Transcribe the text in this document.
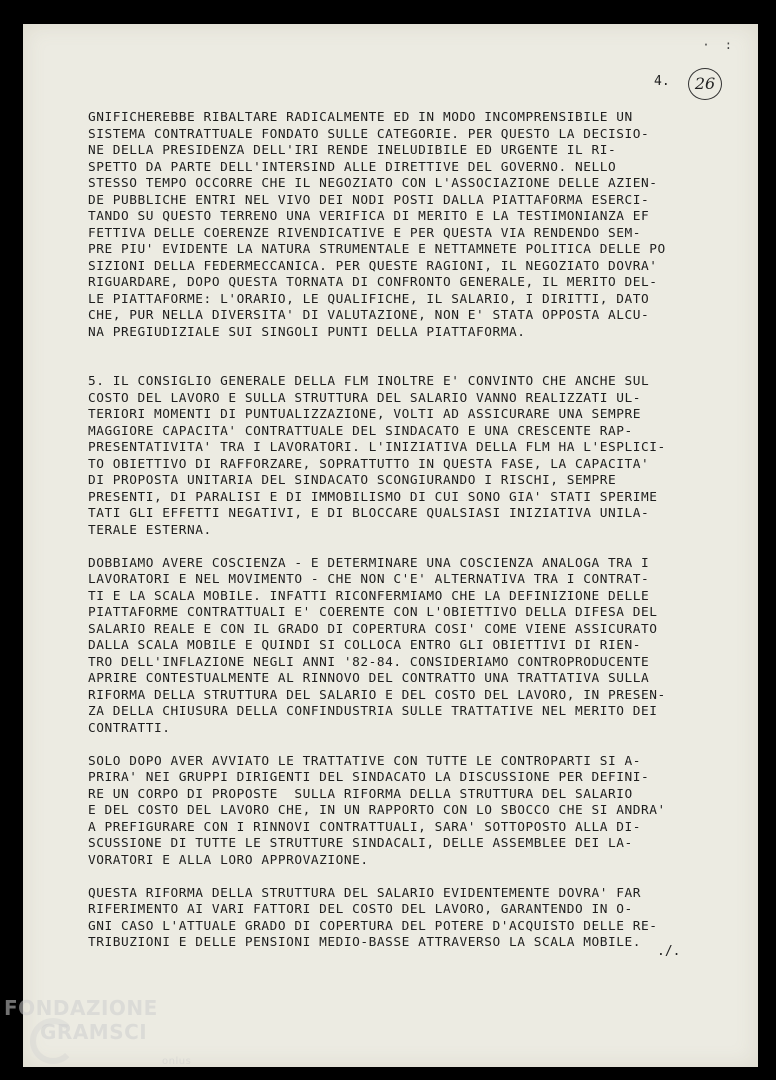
· :
4.	26

GNIFICHEREBBE RIBALTARE RADICALMENTE ED IN MODO INCOMPRENSIBILE UN

SISTEMA CONTRATTUALE FONDATO SULLE CATEGORIE. PER QUESTO LA DECISIO-

NE DELLA PRESIDENZA DELL'IRI RENDE INELUDIBILE ED URGENTE IL RI-

SPETTO DA PARTE DELL'INTERSIND ALLE DIRETTIVE DEL GOVERNO. NELLO

STESSO TEMPO OCCORRE CHE IL NEGOZIATO CON L'ASSOCIAZIONE DELLE AZIEN-

DE PUBBLICHE ENTRI NEL VIVO DEI NODI POSTI DALLA PIATTAFORMA ESERCI-

TANDO SU QUESTO TERRENO UNA VERIFICA DI MERITO E LA TESTIMONIANZA EF

FETTIVA DELLE COERENZE RIVENDICATIVE E PER QUESTA VIA RENDENDO SEM-

PRE PIU' EVIDENTE LA NATURA STRUMENTALE E NETTAMNETE POLITICA DELLE PO

SIZIONI DELLA FEDERMECCANICA. PER QUESTE RAGIONI, IL NEGOZIATO DOVRA'

RIGUARDARE, DOPO QUESTA TORNATA DI CONFRONTO GENERALE, IL MERITO DEL-

LE PIATTAFORME: L'ORARIO, LE QUALIFICHE, IL SALARIO, I DIRITTI, DATO

CHE, PUR NELLA DIVERSITA' DI VALUTAZIONE, NON E' STATA OPPOSTA ALCU-

NA PREGIUDIZIALE SUI SINGOLI PUNTI DELLA PIATTAFORMA.

5. IL CONSIGLIO GENERALE DELLA FLM INOLTRE E' CONVINTO CHE ANCHE SUL

COSTO DEL LAVORO E SULLA STRUTTURA DEL SALARIO VANNO REALIZZATI UL-

TERIORI MOMENTI DI PUNTUALIZZAZIONE, VOLTI AD ASSICURARE UNA SEMPRE

MAGGIORE CAPACITA' CONTRATTUALE DEL SINDACATO E UNA CRESCENTE RAP-

PRESENTATIVITA' TRA I LAVORATORI. L'INIZIATIVA DELLA FLM HA L'ESPLICI-

TO OBIETTIVO DI RAFFORZARE, SOPRATTUTTO IN QUESTA FASE, LA CAPACITA'

DI PROPOSTA UNITARIA DEL SINDACATO SCONGIURANDO I RISCHI, SEMPRE

PRESENTI, DI PARALISI E DI IMMOBILISMO DI CUI SONO GIA' STATI SPERIME

TATI GLI EFFETTI NEGATIVI, E DI BLOCCARE QUALSIASI INIZIATIVA UNILA-

TERALE ESTERNA.

DOBBIAMO AVERE COSCIENZA - E DETERMINARE UNA COSCIENZA ANALOGA TRA I

LAVORATORI E NEL MOVIMENTO - CHE NON C'E' ALTERNATIVA TRA I CONTRAT-

TI E LA SCALA MOBILE. INFATTI RICONFERMIAMO CHE LA DEFINIZIONE DELLE

PIATTAFORME CONTRATTUALI E' COERENTE CON L'OBIETTIVO DELLA DIFESA DEL

SALARIO REALE E CON IL GRADO DI COPERTURA COSI' COME VIENE ASSICURATO

DALLA SCALA MOBILE E QUINDI SI COLLOCA ENTRO GLI OBIETTIVI DI RIEN-

TRO DELL'INFLAZIONE NEGLI ANNI '82-84. CONSIDERIAMO CONTROPRODUCENTE

APRIRE CONTESTUALMENTE AL RINNOVO DEL CONTRATTO UNA TRATTATIVA SULLA

RIFORMA DELLA STRUTTURA DEL SALARIO E DEL COSTO DEL LAVORO, IN PRESEN-

ZA DELLA CHIUSURA DELLA CONFINDUSTRIA SULLE TRATTATIVE NEL MERITO DEI

CONTRATTI.

SOLO DOPO AVER AVVIATO LE TRATTATIVE CON TUTTE LE CONTROPARTI SI A-

PRIRA' NEI GRUPPI DIRIGENTI DEL SINDACATO LA DISCUSSIONE PER DEFINI-

RE UN CORPO DI PROPOSTE  SULLA RIFORMA DELLA STRUTTURA DEL SALARIO

E DEL COSTO DEL LAVORO CHE, IN UN RAPPORTO CON LO SBOCCO CHE SI ANDRA'

A PREFIGURARE CON I RINNOVI CONTRATTUALI, SARA' SOTTOPOSTO ALLA DI-

SCUSSIONE DI TUTTE LE STRUTTURE SINDACALI, DELLE ASSEMBLEE DEI LA-

VORATORI E ALLA LORO APPROVAZIONE.

QUESTA RIFORMA DELLA STRUTTURA DEL SALARIO EVIDENTEMENTE DOVRA' FAR

RIFERIMENTO AI VARI FATTORI DEL COSTO DEL LAVORO, GARANTENDO IN O-

GNI CASO L'ATTUALE GRADO DI COPERTURA DEL POTERE D'ACQUISTO DELLE RE-

TRIBUZIONI E DELLE PENSIONI MEDIO-BASSE ATTRAVERSO LA SCALA MOBILE.

./.
FONDAZIONE
GRAMSCI
onlus
